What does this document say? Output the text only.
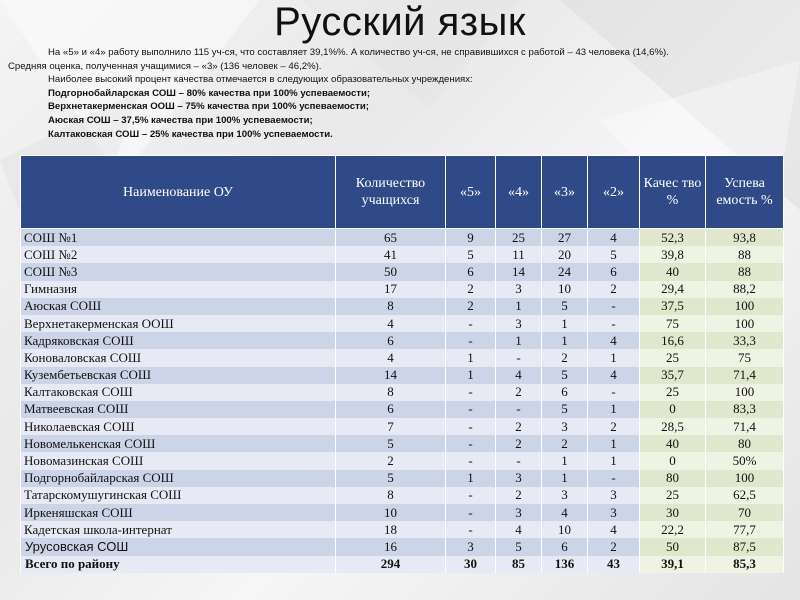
Русский язык

На «5» и «4» работу выполнило 115 уч-ся, что составляет 39,1%%. А количество уч-ся, не справившихся с работой – 43 человека (14,6%).

Средняя оценка, полученная учащимися – «3» (136 человек – 46,2%).

Наиболее высокий процент качества отмечается в следующих образовательных учреждениях:

Подгорнобайларская СОШ – 80% качества при 100% успеваемости;

Верхнетакерменская ООШ – 75% качества при 100% успеваемости;

Аюская СОШ – 37,5% качества при 100% успеваемости;

Калтаковская СОШ – 25% качества при 100% успеваемости.

Наименование ОУ	Количество учащихся	«5»	«4»	«3»	«2»	Качес тво %	Успева емость %
СОШ №1	65	9	25	27	4	52,3	93,8
СОШ №2	41	5	11	20	5	39,8	88
СОШ №3	50	6	14	24	6	40	88
Гимназия	17	2	3	10	2	29,4	88,2
Аюская СОШ	8	2	1	5	-	37,5	100
Верхнетакерменская ООШ	4	-	3	1	-	75	100
Кадряковская СОШ	6	-	1	1	4	16,6	33,3
Коноваловская СОШ	4	1	-	2	1	25	75
Кузембетьевская СОШ	14	1	4	5	4	35,7	71,4
Калтаковская СОШ	8	-	2	6	-	25	100
Матвеевская СОШ	6	-	-	5	1	0	83,3
Николаевская СОШ	7	-	2	3	2	28,5	71,4
Новомелькенская СОШ	5	-	2	2	1	40	80
Новомазинская СОШ	2	-	-	1	1	0	50%
Подгорнобайларская СОШ	5	1	3	1	-	80	100
Татарскомушугинская СОШ	8	-	2	3	3	25	62,5
Иркеняшская СОШ	10	-	3	4	3	30	70
Кадетская школа-интернат	18	-	4	10	4	22,2	77,7
Урусовская СОШ	16	3	5	6	2	50	87,5
Всего по району	294	30	85	136	43	39,1	85,3
